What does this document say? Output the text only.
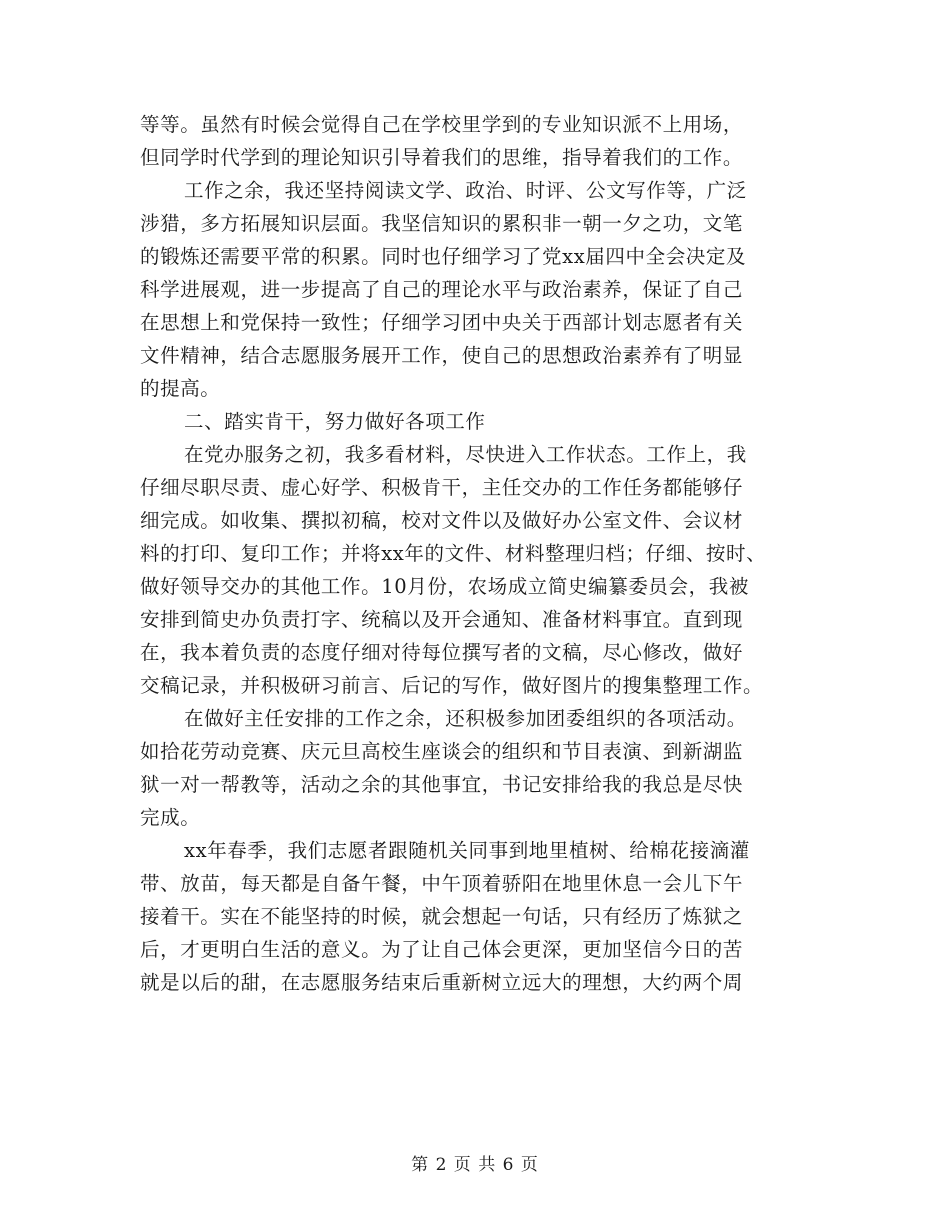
等等。虽然有时候会觉得自己在学校里学到的专业知识派不上用场，
但同学时代学到的理论知识引导着我们的思维，指导着我们的工作。
工作之余，我还坚持阅读文学、政治、时评、公文写作等，广泛
涉猎，多方拓展知识层面。我坚信知识的累积非一朝一夕之功，文笔
的锻炼还需要平常的积累。同时也仔细学习了党xx届四中全会决定及
科学进展观，进一步提高了自己的理论水平与政治素养，保证了自己
在思想上和党保持一致性；仔细学习团中央关于西部计划志愿者有关
文件精神，结合志愿服务展开工作，使自己的思想政治素养有了明显
的提高。
二、踏实肯干，努力做好各项工作
在党办服务之初，我多看材料，尽快进入工作状态。工作上，我
仔细尽职尽责、虚心好学、积极肯干，主任交办的工作任务都能够仔
细完成。如收集、撰拟初稿，校对文件以及做好办公室文件、会议材
料的打印、复印工作；并将xx年的文件、材料整理归档；仔细、按时、
做好领导交办的其他工作。10月份，农场成立简史编纂委员会，我被
安排到简史办负责打字、统稿以及开会通知、准备材料事宜。直到现
在，我本着负责的态度仔细对待每位撰写者的文稿，尽心修改，做好
交稿记录，并积极研习前言、后记的写作，做好图片的搜集整理工作。
在做好主任安排的工作之余，还积极参加团委组织的各项活动。
如拾花劳动竞赛、庆元旦高校生座谈会的组织和节目表演、到新湖监
狱一对一帮教等，活动之余的其他事宜，书记安排给我的我总是尽快
完成。
xx年春季，我们志愿者跟随机关同事到地里植树、给棉花接滴灌
带、放苗，每天都是自备午餐，中午顶着骄阳在地里休息一会儿下午
接着干。实在不能坚持的时候，就会想起一句话，只有经历了炼狱之
后，才更明白生活的意义。为了让自己体会更深，更加坚信今日的苦
就是以后的甜，在志愿服务结束后重新树立远大的理想，大约两个周
第 2 页 共 6 页
